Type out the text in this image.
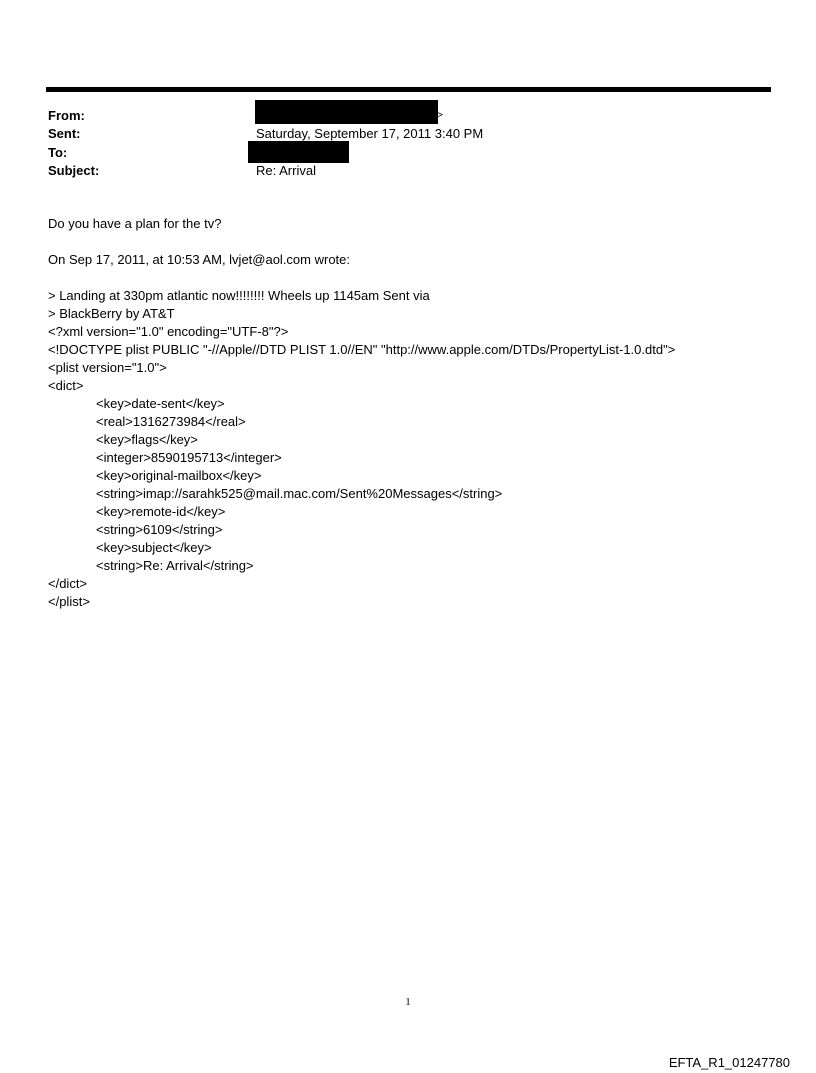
From:	>
Sent:	Saturday, September 17, 2011 3:40 PM
To:
Subject:	Re: Arrival
Do you have a plan for the tv?
On Sep 17, 2011, at 10:53 AM, lvjet@aol.com wrote:
> Landing at 330pm atlantic now!!!!!!!! Wheels up 1145am Sent via
> BlackBerry by AT&T
<?xml version="1.0" encoding="UTF-8"?>
<!DOCTYPE plist PUBLIC "-//Apple//DTD PLIST 1.0//EN" "http://www.apple.com/DTDs/PropertyList-1.0.dtd">
<plist version="1.0">
<dict>
<key>date-sent</key>
<real>1316273984</real>
<key>flags</key>
<integer>8590195713</integer>
<key>original-mailbox</key>
<string>imap://sarahk525@mail.mac.com/Sent%20Messages</string>
<key>remote-id</key>
<string>6109</string>
<key>subject</key>
<string>Re: Arrival</string>
</dict>
</plist>
1
EFTA_R1_01247780
